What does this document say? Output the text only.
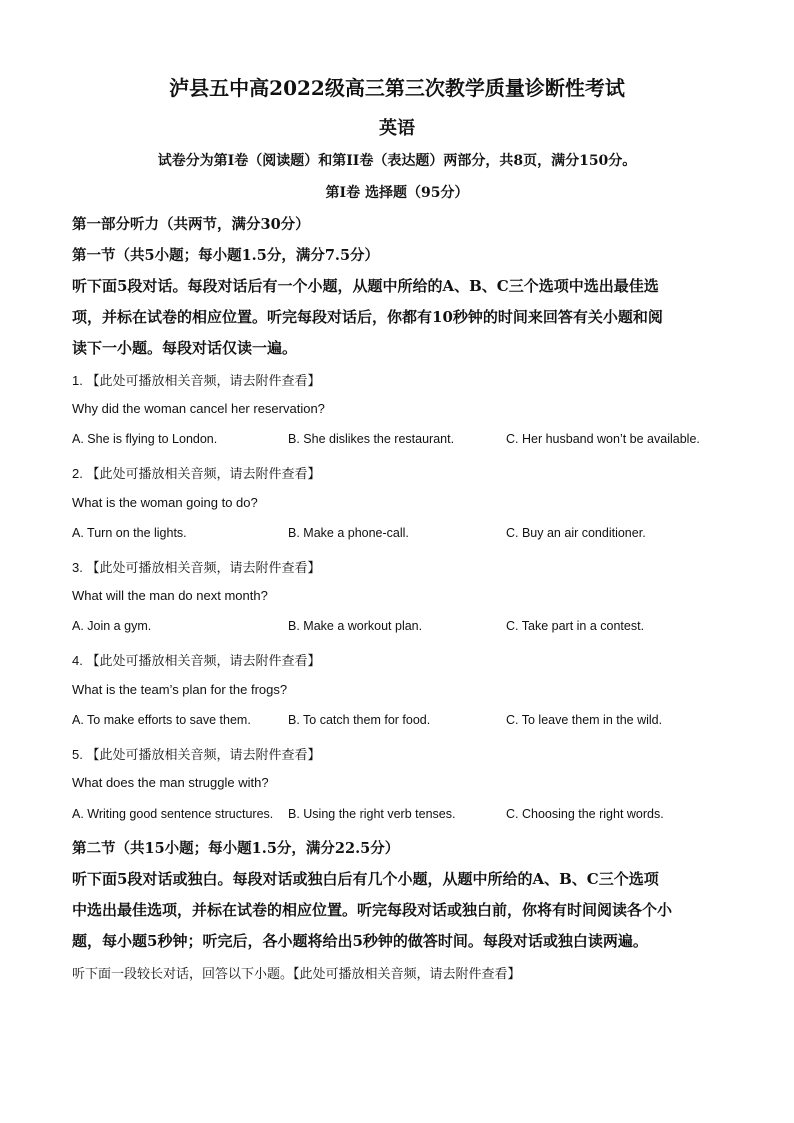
泸县五中高2022级高三第三次教学质量诊断性考试
英语
试卷分为第I卷（阅读题）和第II卷（表达题）两部分，共8页，满分150分。
第I卷 选择题（95分）
第一部分听力（共两节，满分30分）
第一节（共5小题；每小题1.5分，满分7.5分）
听下面5段对话。每段对话后有一个小题，从题中所给的A、B、C三个选项中选出最佳选
项，并标在试卷的相应位置。听完每段对话后，你都有10秒钟的时间来回答有关小题和阅
读下一小题。每段对话仅读一遍。
1. 【此处可播放相关音频，请去附件查看】
Why did the woman cancel her reservation?
A. She is flying to London.	B. She dislikes the restaurant.	C. Her husband won’t be available.
2. 【此处可播放相关音频，请去附件查看】
What is the woman going to do?
A. Turn on the lights.	B. Make a phone-call.	C. Buy an air conditioner.
3. 【此处可播放相关音频，请去附件查看】
What will the man do next month?
A. Join a gym.	B. Make a workout plan.	C. Take part in a contest.
4. 【此处可播放相关音频，请去附件查看】
What is the team’s plan for the frogs?
A. To make efforts to save them.	B. To catch them for food.	C. To leave them in the wild.
5. 【此处可播放相关音频，请去附件查看】
What does the man struggle with?
A. Writing good sentence structures. B. Using the right verb tenses.	C. Choosing the right words.
第二节（共15小题；每小题1.5分，满分22.5分）
听下面5段对话或独白。每段对话或独白后有几个小题，从题中所给的A、B、C三个选项
中选出最佳选项，并标在试卷的相应位置。听完每段对话或独白前，你将有时间阅读各个小
题，每小题5秒钟；听完后，各小题将给出5秒钟的做答时间。每段对话或独白读两遍。
听下面一段较长对话，回答以下小题。【此处可播放相关音频，请去附件查看】
